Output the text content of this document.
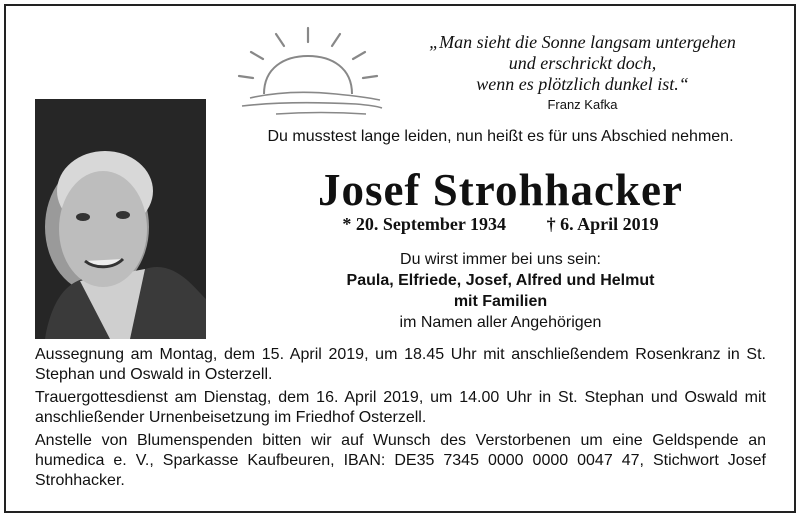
„Man sieht die Sonne langsam untergehen
und erschrickt doch,
wenn es plötzlich dunkel ist.“
Franz Kafka
Du musstest lange leiden, nun heißt es für uns Abschied nehmen.
Josef Strohhacker
* 20. September 1934 † 6. April 2019
Du wirst immer bei uns sein:
Paula, Elfriede, Josef, Alfred und Helmut
mit Familien
im Namen aller Angehörigen

Aussegnung am Montag, dem 15. April 2019, um 18.45 Uhr mit anschließendem Rosenkranz in St. Stephan und Oswald in Osterzell.

Trauergottesdienst am Dienstag, dem 16. April 2019, um 14.00 Uhr in St. Stephan und Oswald mit anschließender Urnenbeisetzung im Friedhof Osterzell.

Anstelle von Blumenspenden bitten wir auf Wunsch des Verstorbenen um eine Geldspende an humedica e. V., Sparkasse Kaufbeuren, IBAN: DE35 7345 0000 0000 0047 47, Stichwort Josef Strohhacker.
